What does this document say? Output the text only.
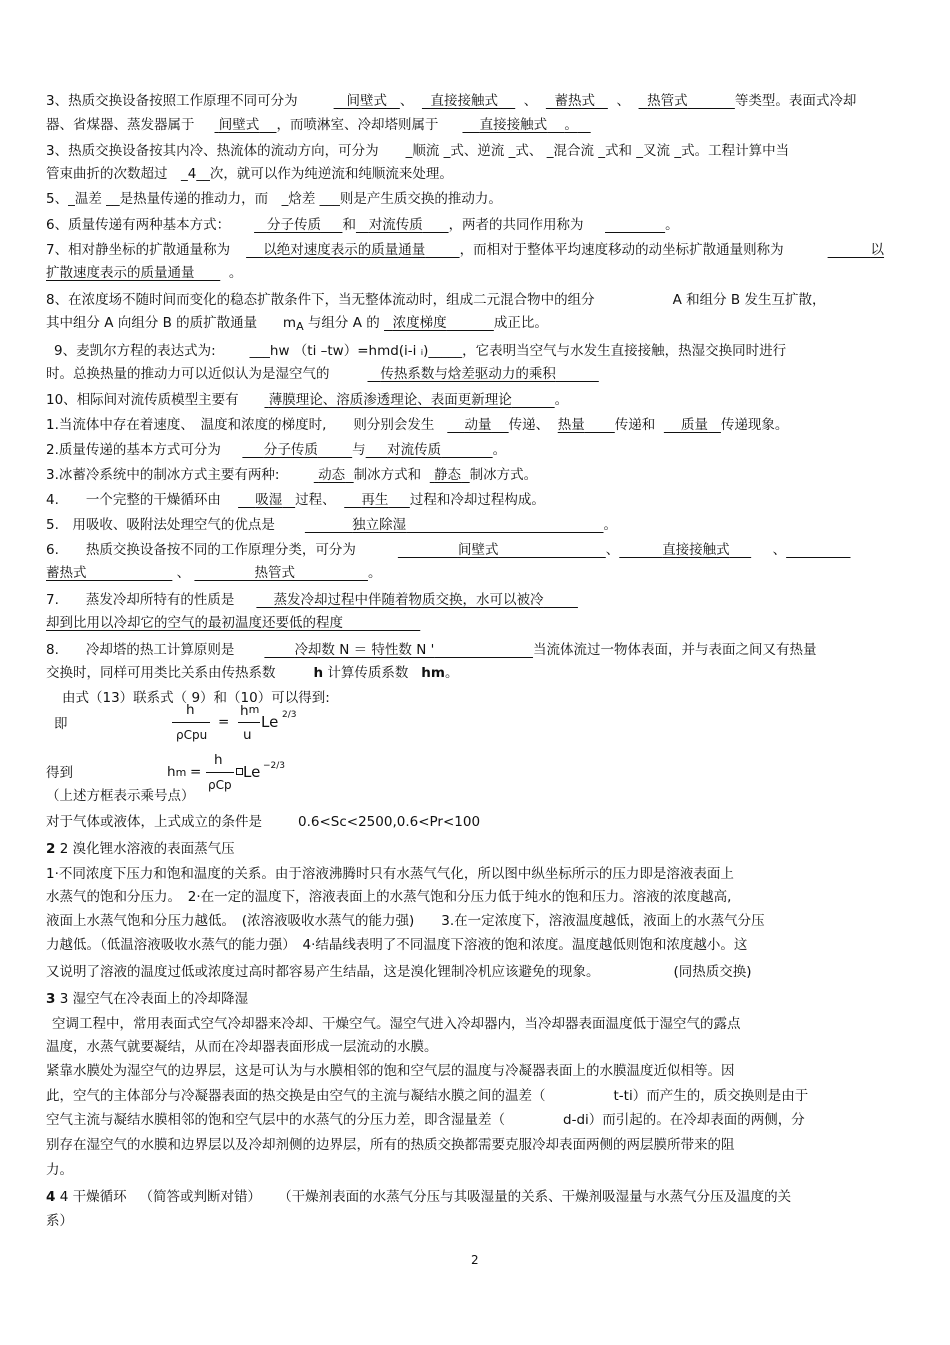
3、热质交换设备按照工作原理不同可分为	间壁式 、 直接接触式 、 蓄热式 、 热管式	等类型。表面式冷却
器、省煤器、蒸发器属于 间壁式 ，而喷淋室、冷却塔则属于	直接接触式 。
3、热质交换设备按其内冷、热流体的流动方向，可分为　　_顺流 _式、逆流 _式、 _混合流 _式和 _叉流 _式。工程计算中当
管束曲折的次数超过　_4__次，就可以作为纯逆流和纯顺流来处理。
5、_温差 __是热量传递的推动力，而　_焓差 ___则是产生质交换的推动力。
6、质量传递有两种基本方式：	分子传质 和 对流传质 ，两者的共同作用称为	。
7、相对静坐标的扩散通量称为 以绝对速度表示的质量通量	，而相对于整体平均速度移动的动坐标扩散通量则称为	以
扩散速度表示的质量通量	。
8、在浓度场不随时间而变化的稳态扩散条件下，当无整体流动时，组成二元混合物中的组分	A 和组分 B 发生互扩散，
其中组分 A 向组分 B 的质扩散通量 $m_A$ 与组分 A 的 浓度梯度	成正比。
9、麦凯尔方程的表达式为:	___hw （ti –tw）=hmd(i-i ᵢ)_____，它表明当空气与水发生直接接触，热湿交换同时进行
时。总换热量的推动力可以近似认为是湿空气的	传热系数与焓差驱动力的乘积
10、相际间对流传质模型主要有 薄膜理论、溶质渗透理论、表面更新理论	。
1.当流体中存在着速度、　温度和浓度的梯度时,　　则分别会发生 动量 传递、 热量 传递和 质量 传递现象。
2.质量传递的基本方式可分为	分子传质	与 对流传质	。
3.冰蓄冷系统中的制冰方式主要有两种:	动态 制冰方式和 静态 制冰方式。
4.　　一个完整的干燥循环由	吸湿 过程、 再生 过程和冷却过程构成。
5.　用吸收、吸附法处理空气的优点是	独立除湿	。
6.　　热质交换设备按不同的工作原理分类，可分为	间壁式	、	直接接触式	、
蓄热式	、	热管式	。
7.　　蒸发冷却所特有的性质是	蒸发冷却过程中伴随着物质交换，水可以被冷
却到比用以冷却它的空气的最初温度还要低的程度
8.　　冷却塔的热工计算原则是	冷却数 N ＝ 特性数 N '	当流体流过一物体表面，并与表面之间又有热量
交换时，同样可用类比关系由传热系数	h 计算传质系数 hm。
由式（13）联系式（ 9）和（10）可以得到:
即
h
ρCpu
=
hm
u
Le 2/3
得到	hm =
h
ρCp
Le −2/3
（上述方框表示乘号点）
对于气体或液体，上式成立的条件是	0.6<Sc<2500,0.6<Pr<100
2 2 溴化锂水溶液的表面蒸气压
1·不同浓度下压力和饱和温度的关系。由于溶液沸腾时只有水蒸气气化，所以图中纵坐标所示的压力即是溶液表面上
水蒸气的饱和分压力。　2·在一定的温度下，溶液表面上的水蒸气饱和分压力低于纯水的饱和压力。溶液的浓度越高,
液面上水蒸气饱和分压力越低。　(浓溶液吸收水蒸气的能力强)　　3.在一定浓度下，溶液温度越低，液面上的水蒸气分压
力越低。（低温溶液吸收水蒸气的能力强）　4·结晶线表明了不同温度下溶液的饱和浓度。温度越低则饱和浓度越小。这
又说明了溶液的温度过低或浓度过高时都容易产生结晶，这是溴化锂制冷机应该避免的现象。	(同热质交换)
3 3 湿空气在冷表面上的冷却降湿
空调工程中，常用表面式空气冷却器来冷却、干燥空气。湿空气进入冷却器内，当冷却器表面温度低于湿空气的露点
温度，水蒸气就要凝结，从而在冷却器表面形成一层流动的水膜。
紧靠水膜处为湿空气的边界层，这是可认为与水膜相邻的饱和空气层的温度与冷凝器表面上的水膜温度近似相等。因
此，空气的主体部分与冷凝器表面的热交换是由空气的主流与凝结水膜之间的温差（	t-ti）而产生的，质交换则是由于
空气主流与凝结水膜相邻的饱和空气层中的水蒸气的分压力差，即含湿量差（	d-di）而引起的。在冷却表面的两侧，分
别存在湿空气的水膜和边界层以及冷却剂侧的边界层，所有的热质交换都需要克服冷却表面两侧的两层膜所带来的阻
力。
4 4 干燥循环 （简答或判断对错） （干燥剂表面的水蒸气分压与其吸湿量的关系、干燥剂吸湿量与水蒸气分压及温度的关
系）
2
